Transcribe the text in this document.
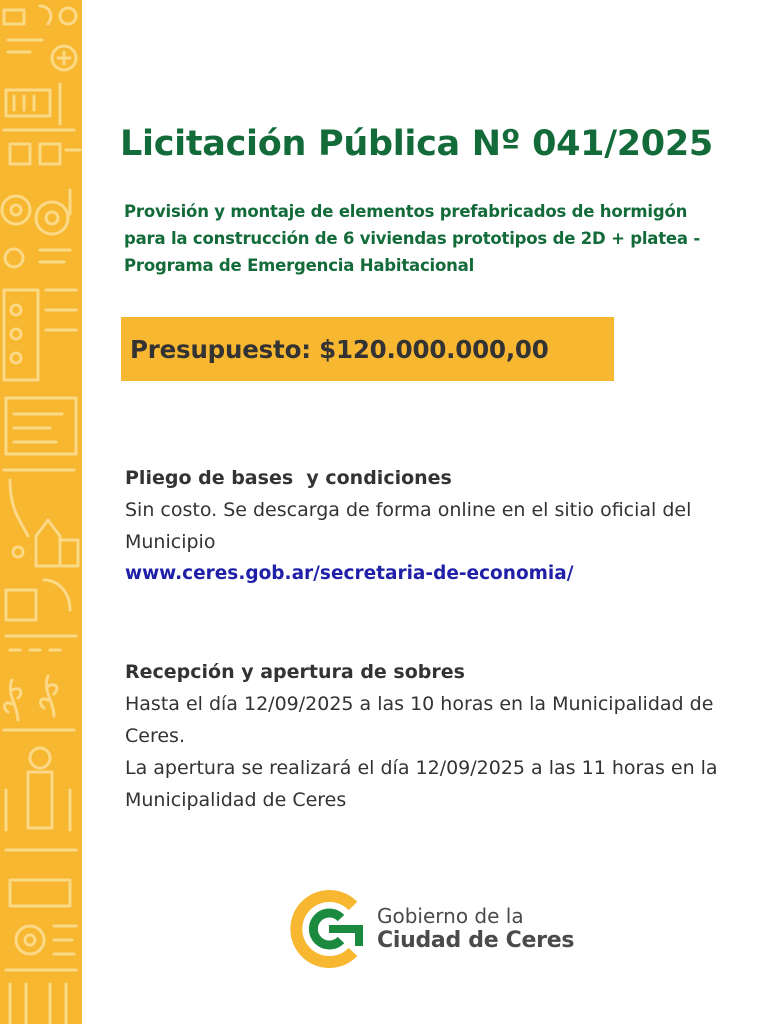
Licitación Pública Nº 041/2025

Provisión y montaje de elementos prefabricados de hormigón para la construcción de 6 viviendas prototipos de 2D + platea - Programa de Emergencia Habitacional

Presupuesto: $120.000.000,00

Pliego de bases  y condiciones

Sin costo. Se descarga de forma online en el sitio oficial del Municipio

www.ceres.gob.ar/secretaria-de-economia/

Recepción y apertura de sobres

Hasta el día 12/09/2025 a las 10 horas en la Municipalidad de Ceres.

La apertura se realizará el día 12/09/2025 a las 11 horas en la Municipalidad de Ceres

Gobierno de la
Ciudad de Ceres
